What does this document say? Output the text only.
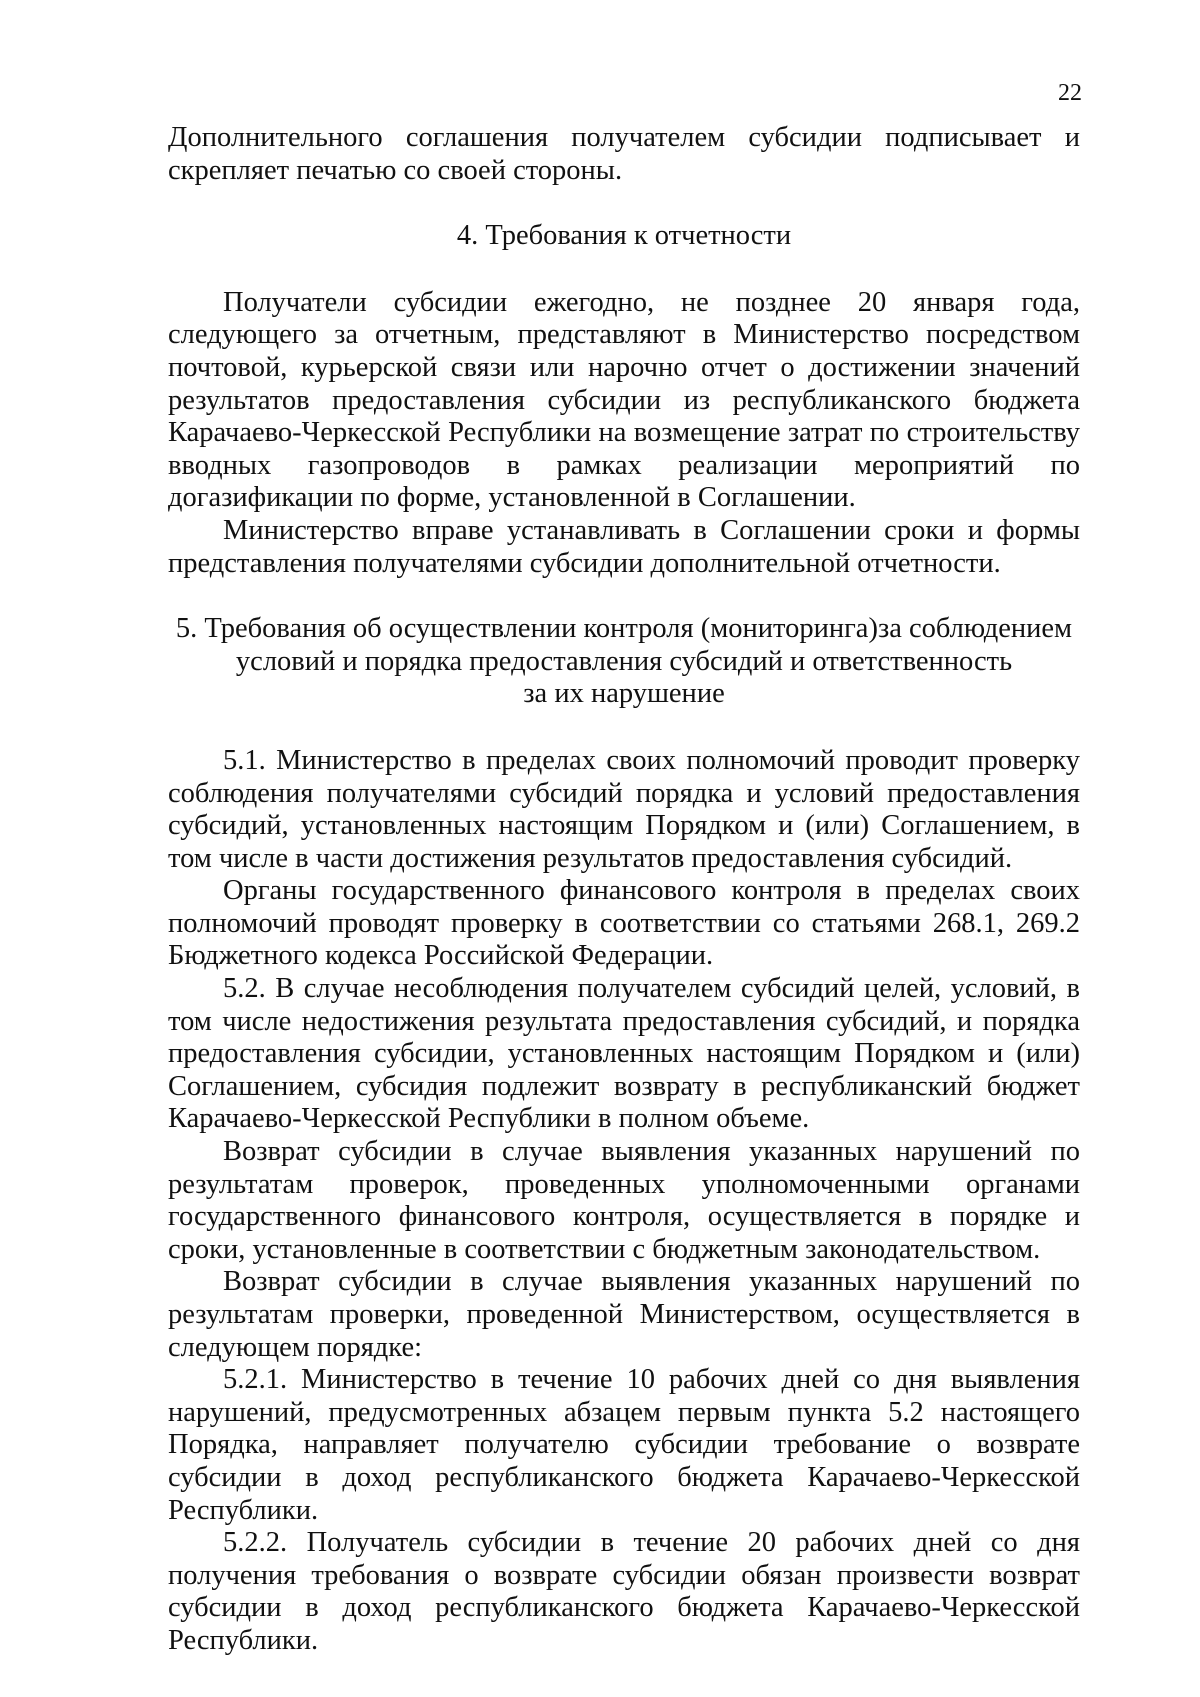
22

Дополнительного соглашения получателем субсидии подписывает и скрепляет печатью со своей стороны.

4. Требования к отчетности

Получатели субсидии ежегодно, не позднее 20 января года, следующего за отчетным, представляют в Министерство посредством почтовой, курьерской связи или нарочно отчет о достижении значений результатов предоставления субсидии из республиканского бюджета Карачаево-Черкесской Республики на возмещение затрат по строительству вводных газопроводов в рамках реализации мероприятий по догазификации по форме, установленной в Соглашении.

Министерство вправе устанавливать в Соглашении сроки и формы представления получателями субсидии дополнительной отчетности.

5. Требования об осуществлении контроля (мониторинга)за соблюдением
условий и порядка предоставления субсидий и ответственность
за их нарушение

5.1. Министерство в пределах своих полномочий проводит проверку соблюдения получателями субсидий порядка и условий предоставления субсидий, установленных настоящим Порядком и (или) Соглашением, в том числе в части достижения результатов предоставления субсидий.

Органы государственного финансового контроля в пределах своих полномочий проводят проверку в соответствии со статьями 268.1, 269.2 Бюджетного кодекса Российской Федерации.

5.2. В случае несоблюдения получателем субсидий целей, условий, в том числе недостижения результата предоставления субсидий, и порядка предоставления субсидии, установленных настоящим Порядком и (или) Соглашением, субсидия подлежит возврату в республиканский бюджет Карачаево-Черкесской Республики в полном объеме.

Возврат субсидии в случае выявления указанных нарушений по результатам проверок, проведенных уполномоченными органами государственного финансового контроля, осуществляется в порядке и сроки, установленные в соответствии с бюджетным законодательством.

Возврат субсидии в случае выявления указанных нарушений по результатам проверки, проведенной Министерством, осуществляется в следующем порядке:

5.2.1. Министерство в течение 10 рабочих дней со дня выявления нарушений, предусмотренных абзацем первым пункта 5.2 настоящего Порядка, направляет получателю субсидии требование о возврате субсидии в доход республиканского бюджета Карачаево-Черкесской Республики.

5.2.2. Получатель субсидии в течение 20 рабочих дней со дня получения требования о возврате субсидии обязан произвести возврат субсидии в доход республиканского бюджета Карачаево-Черкесской Республики.
